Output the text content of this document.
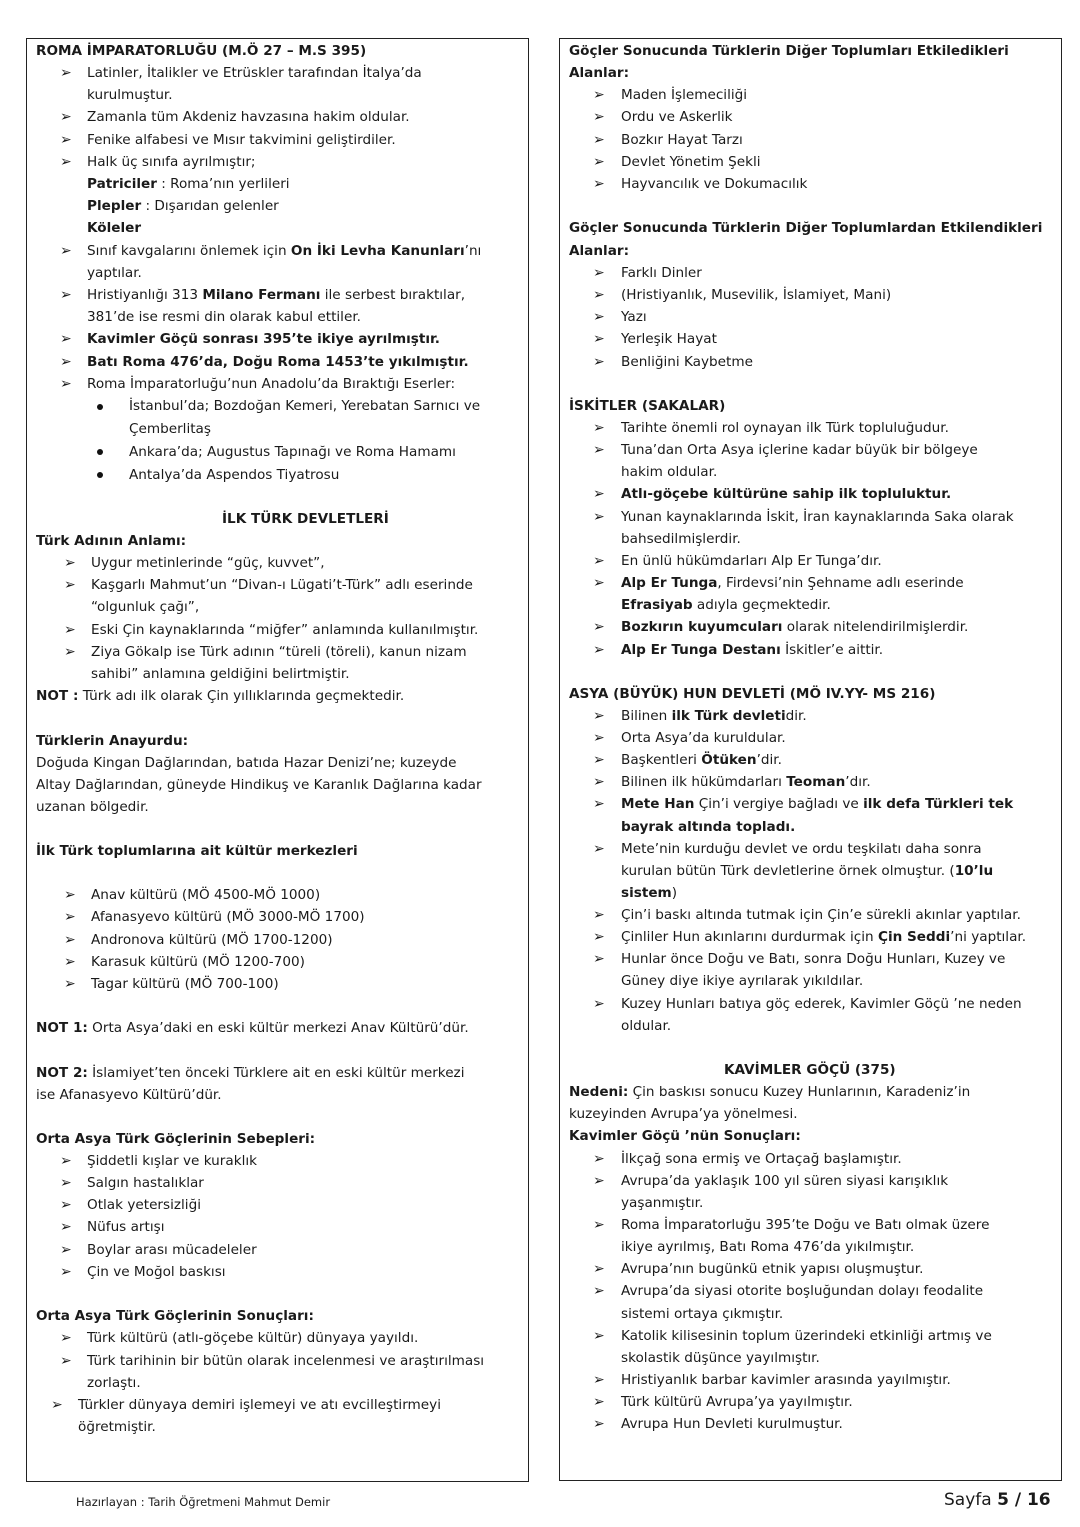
ROMA İMPARATORLUĞU (M.Ö 27 – M.S 395)
➢ Latinler, İtalikler ve Etrüskler tarafından İtalya’da
kurulmuştur.
➢ Zamanla tüm Akdeniz havzasına hakim oldular.
➢ Fenike alfabesi ve Mısır takvimini geliştirdiler.
➢ Halk üç sınıfa ayrılmıştır;
Patriciler : Roma’nın yerlileri
Plepler : Dışarıdan gelenler
Köleler
➢ Sınıf kavgalarını önlemek için On İki Levha Kanunları’nı
yaptılar.
➢ Hristiyanlığı 313 Milano Fermanı ile serbest bıraktılar,
381’de ise resmi din olarak kabul ettiler.
➢ Kavimler Göçü sonrası 395’te ikiye ayrılmıştır.
➢ Batı Roma 476’da, Doğu Roma 1453’te yıkılmıştır.
➢ Roma İmparatorluğu’nun Anadolu’da Bıraktığı Eserler:
İstanbul’da; Bozdoğan Kemeri, Yerebatan Sarnıcı ve
Çemberlitaş
Ankara’da; Augustus Tapınağı ve Roma Hamamı
Antalya’da Aspendos Tiyatrosu
İLK TÜRK DEVLETLERİ
Türk Adının Anlamı:
➢ Uygur metinlerinde “güç, kuvvet”,
➢ Kaşgarlı Mahmut’un “Divan-ı Lügati’t-Türk” adlı eserinde
“olgunluk çağı”,
➢ Eski Çin kaynaklarında “miğfer” anlamında kullanılmıştır.
➢ Ziya Gökalp ise Türk adının “türeli (töreli), kanun nizam
sahibi” anlamına geldiğini belirtmiştir.
NOT : Türk adı ilk olarak Çin yıllıklarında geçmektedir.
Türklerin Anayurdu:
Doğuda Kingan Dağlarından, batıda Hazar Denizi’ne; kuzeyde
Altay Dağlarından, güneyde Hindikuş ve Karanlık Dağlarına kadar
uzanan bölgedir.
İlk Türk toplumlarına ait kültür merkezleri
➢ Anav kültürü (MÖ 4500-MÖ 1000)
➢ Afanasyevo kültürü (MÖ 3000-MÖ 1700)
➢ Andronova kültürü (MÖ 1700-1200)
➢ Karasuk kültürü (MÖ 1200-700)
➢ Tagar kültürü (MÖ 700-100)
NOT 1: Orta Asya’daki en eski kültür merkezi Anav Kültürü’dür.
NOT 2: İslamiyet’ten önceki Türklere ait en eski kültür merkezi
ise Afanasyevo Kültürü’dür.
Orta Asya Türk Göçlerinin Sebepleri:
➢ Şiddetli kışlar ve kuraklık
➢ Salgın hastalıklar
➢ Otlak yetersizliği
➢ Nüfus artışı
➢ Boylar arası mücadeleler
➢ Çin ve Moğol baskısı
Orta Asya Türk Göçlerinin Sonuçları:
➢ Türk kültürü (atlı-göçebe kültür) dünyaya yayıldı.
➢ Türk tarihinin bir bütün olarak incelenmesi ve araştırılması
zorlaştı.
➢ Türkler dünyaya demiri işlemeyi ve atı evcilleştirmeyi
öğretmiştir.
Göçler Sonucunda Türklerin Diğer Toplumları Etkiledikleri
Alanlar:
➢ Maden İşlemeciliği
➢ Ordu ve Askerlik
➢ Bozkır Hayat Tarzı
➢ Devlet Yönetim Şekli
➢ Hayvancılık ve Dokumacılık
Göçler Sonucunda Türklerin Diğer Toplumlardan Etkilendikleri
Alanlar:
➢ Farklı Dinler
➢ (Hristiyanlık, Musevilik, İslamiyet, Mani)
➢ Yazı
➢ Yerleşik Hayat
➢ Benliğini Kaybetme
İSKİTLER (SAKALAR)
➢ Tarihte önemli rol oynayan ilk Türk topluluğudur.
➢ Tuna’dan Orta Asya içlerine kadar büyük bir bölgeye
hakim oldular.
➢ Atlı-göçebe kültürüne sahip ilk topluluktur.
➢ Yunan kaynaklarında İskit, İran kaynaklarında Saka olarak
bahsedilmişlerdir.
➢ En ünlü hükümdarları Alp Er Tunga’dır.
➢ Alp Er Tunga, Firdevsi’nin Şehname adlı eserinde
Efrasiyab adıyla geçmektedir.
➢ Bozkırın kuyumcuları olarak nitelendirilmişlerdir.
➢ Alp Er Tunga Destanı İskitler’e aittir.
ASYA (BÜYÜK) HUN DEVLETİ (MÖ IV.YY- MS 216)
➢ Bilinen ilk Türk devletidir.
➢ Orta Asya’da kuruldular.
➢ Başkentleri Ötüken’dir.
➢ Bilinen ilk hükümdarları Teoman’dır.
➢ Mete Han Çin’i vergiye bağladı ve ilk defa Türkleri tek
bayrak altında topladı.
➢ Mete’nin kurduğu devlet ve ordu teşkilatı daha sonra
kurulan bütün Türk devletlerine örnek olmuştur. (10’lu
sistem)
➢ Çin’i baskı altında tutmak için Çin’e sürekli akınlar yaptılar.
➢ Çinliler Hun akınlarını durdurmak için Çin Seddi’ni yaptılar.
➢ Hunlar önce Doğu ve Batı, sonra Doğu Hunları, Kuzey ve
Güney diye ikiye ayrılarak yıkıldılar.
➢ Kuzey Hunları batıya göç ederek, Kavimler Göçü ’ne neden
oldular.
KAVİMLER GÖÇÜ (375)
Nedeni: Çin baskısı sonucu Kuzey Hunlarının, Karadeniz’in
kuzeyinden Avrupa’ya yönelmesi.
Kavimler Göçü ’nün Sonuçları:
➢ İlkçağ sona ermiş ve Ortaçağ başlamıştır.
➢ Avrupa’da yaklaşık 100 yıl süren siyasi karışıklık
yaşanmıştır.
➢ Roma İmparatorluğu 395’te Doğu ve Batı olmak üzere
ikiye ayrılmış, Batı Roma 476’da yıkılmıştır.
➢ Avrupa’nın bugünkü etnik yapısı oluşmuştur.
➢ Avrupa’da siyasi otorite boşluğundan dolayı feodalite
sistemi ortaya çıkmıştır.
➢ Katolik kilisesinin toplum üzerindeki etkinliği artmış ve
skolastik düşünce yayılmıştır.
➢ Hristiyanlık barbar kavimler arasında yayılmıştır.
➢ Türk kültürü Avrupa’ya yayılmıştır.
➢ Avrupa Hun Devleti kurulmuştur.
Hazırlayan : Tarih Öğretmeni Mahmut Demir	Sayfa 5 / 16
